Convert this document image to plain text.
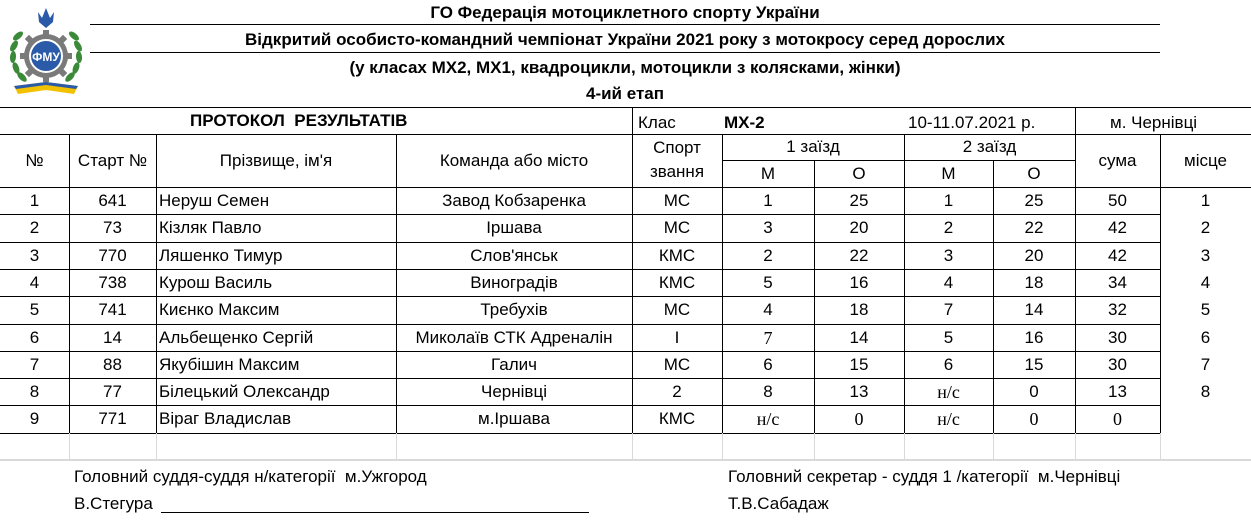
ФМУ
ГО Федерація мотоциклетного спорту України
Відкритий особисто-командний чемпіонат України 2021 року з мотокросу серед дорослих
(у класах МХ2, МХ1, квадроцикли, мотоцикли з колясками, жінки)
4-ий етап
ПРОТОКОЛ  РЕЗУЛЬТАТІВ	Клас	МХ-2	10-11.07.2021 р.	м. Чернівці
№	Старт №	Прізвище, ім'я	Команда або місто
Спорт
звання
1 заїзд	2 заїзд
М	О	М	О
сума	місце
1	641	Неруш Семен	Завод Кобзаренка	МС	1	25	1	25	50	1
2	73	Кізляк Павло	Іршава	МС	3	20	2	22	42	2
3	770	Ляшенко Тимур	Слов'янськ	КМС	2	22	3	20	42	3
4	738	Курош Василь	Виноградів	КМС	5	16	4	18	34	4
5	741	Києнко Максим	Требухів	МС	4	18	7	14	32	5
6	14	Альбещенко Сергій	Миколаїв СТК Адреналін	І	7	14	5	16	30	6
7	88	Якубішин Максим	Галич	МС	6	15	6	15	30	7
8	77	Білецький Олександр	Чернівці	2	8	13	н/с	0	13	8
9	771	Віраг Владислав	м.Іршава	КМС	н/с	0	н/с	0	0
Головний суддя-суддя н/категорії  м.Ужгород
В.Стегура
Головний секретар - суддя 1 /категорії  м.Чернівці
Т.В.Сабадаж
